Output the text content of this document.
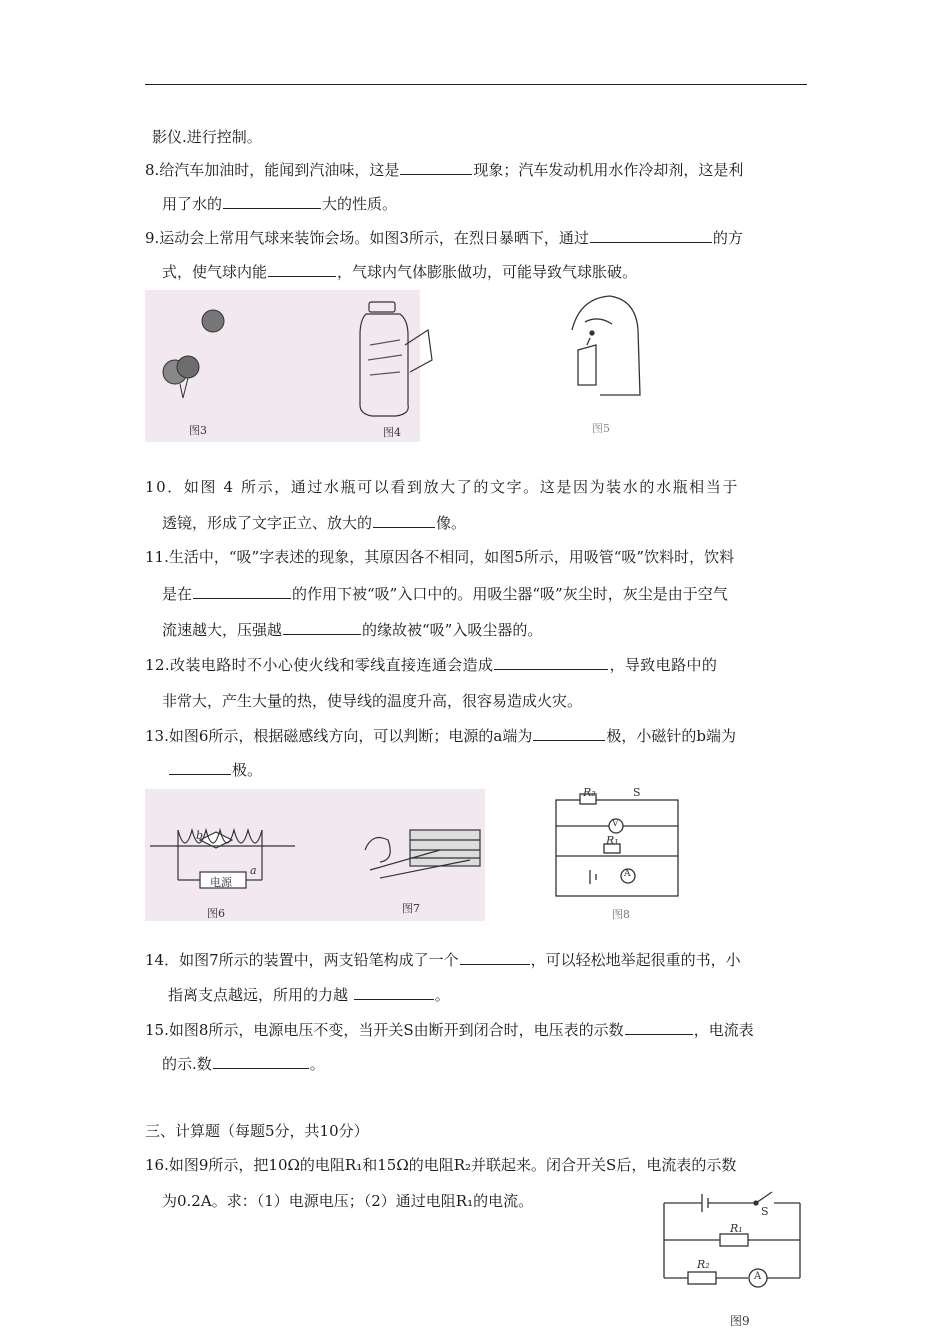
影仪.进行控制。
8.给汽车加油时，能闻到汽油味，这是	现象；汽车发动机用水作冷却剂，这是利
用了水的	大的性质。
9.运动会上常用气球来装饰会场。如图3所示，在烈日暴晒下，通过	的方
式，使气球内能	，气球内气体膨胀做功，可能导致气球胀破。
图3	图4	图5
10．如图 4 所示，通过水瓶可以看到放大了的文字。这是因为装水的水瓶相当于
透镜，形成了文字正立、放大的	像。
11.生活中，“吸”字表述的现象，其原因各不相同，如图5所示，用吸管“吸”饮料时，饮料
是在	的作用下被“吸”入口中的。用吸尘器“吸”灰尘时，灰尘是由于空气
流速越大，压强越	的缘故被“吸”入吸尘器的。
12.改装电路时不小心使火线和零线直接连通会造成	，导致电路中的
非常大，产生大量的热，使导线的温度升高，很容易造成火灾。
13.如图6所示，根据磁感线方向，可以判断；电源的a端为	极，小磁针的b端为
极。
b
a
电源
图6	图7
R₂	S
R₁
V
A
图8
14．如图7所示的装置中，两支铅笔构成了一个	，可以轻松地举起很重的书，小
指离支点越远，所用的力越	。
15.如图8所示，电源电压不变，当开关S由断开到闭合时，电压表的示数	，电流表
的示.数	。
三、计算题（每题5分，共10分）
16.如图9所示，把10Ω的电阻R₁和15Ω的电阻R₂并联起来。闭合开关S后，电流表的示数
为0.2A。求：（1）电源电压；（2）通过电阻R₁的电流。
S
R₁
R₂
A
图9
